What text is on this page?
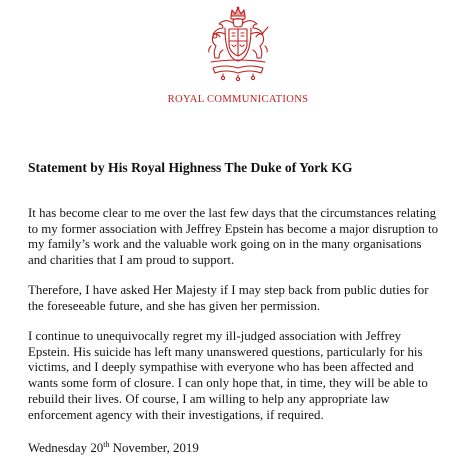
ROYAL COMMUNICATIONS
Statement by His Royal Highness The Duke of York KG
It has become clear to me over the last few days that the circumstances relating
to my former association with Jeffrey Epstein has become a major disruption to
my family’s work and the valuable work going on in the many organisations
and charities that I am proud to support.
Therefore, I have asked Her Majesty if I may step back from public duties for
the foreseeable future, and she has given her permission.
I continue to unequivocally regret my ill-judged association with Jeffrey
Epstein. His suicide has left many unanswered questions, particularly for his
victims, and I deeply sympathise with everyone who has been affected and
wants some form of closure. I can only hope that, in time, they will be able to
rebuild their lives. Of course, I am willing to help any appropriate law
enforcement agency with their investigations, if required.
Wednesday 20th November, 2019
